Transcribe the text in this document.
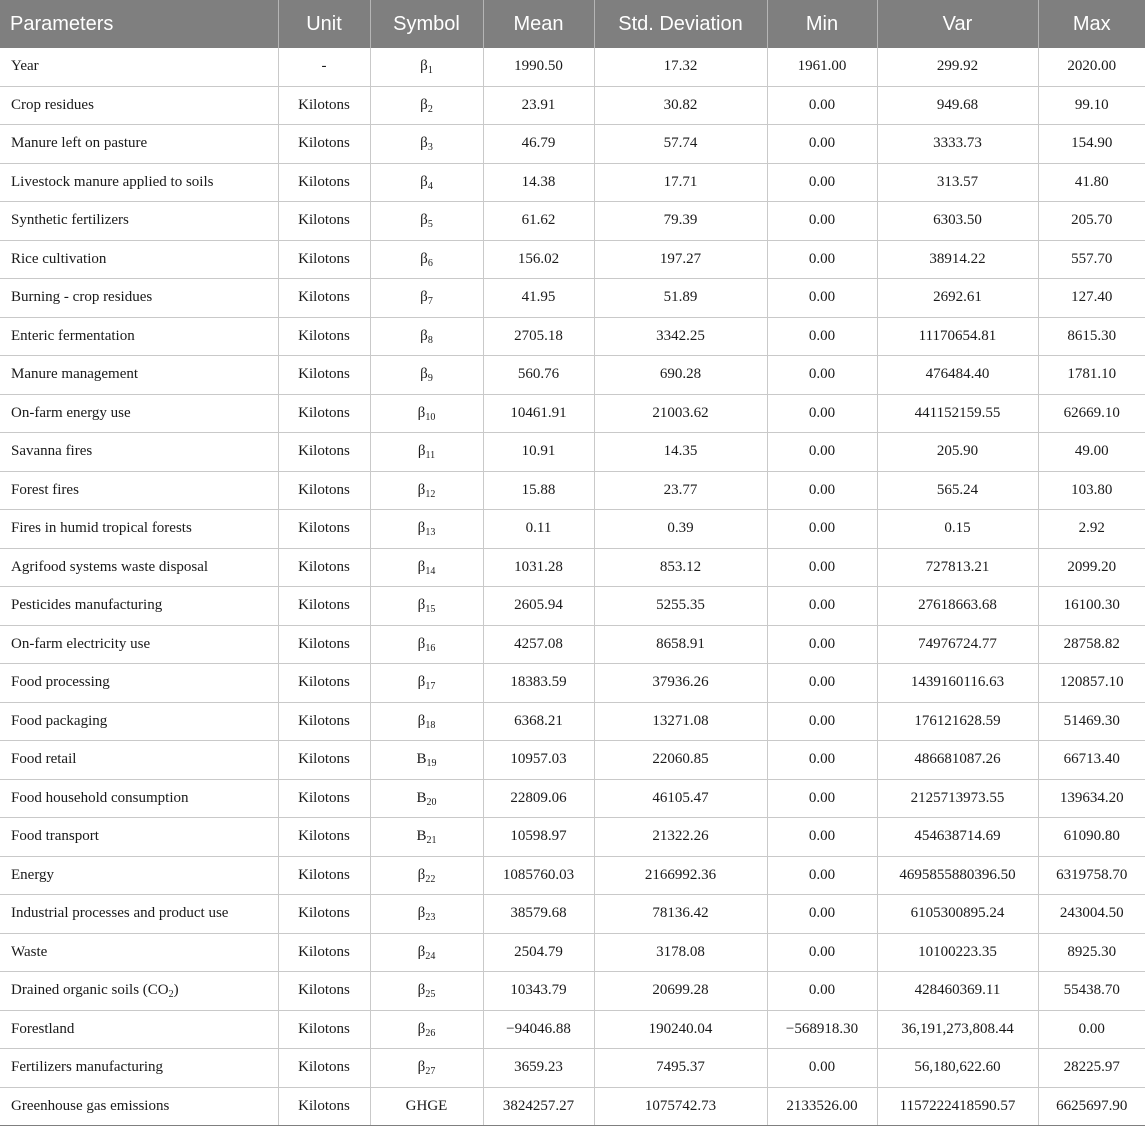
Parameters	Unit	Symbol	Mean	Std. Deviation	Min	Var	Max
Year	-	$\beta_1$	1990.50	17.32	1961.00	299.92	2020.00
Crop residues	Kilotons	$\beta_2$	23.91	30.82	0.00	949.68	99.10
Manure left on pasture	Kilotons	$\beta_3$	46.79	57.74	0.00	3333.73	154.90
Livestock manure applied to soils	Kilotons	$\beta_4$	14.38	17.71	0.00	313.57	41.80
Synthetic fertilizers	Kilotons	$\beta_5$	61.62	79.39	0.00	6303.50	205.70
Rice cultivation	Kilotons	$\beta_6$	156.02	197.27	0.00	38914.22	557.70
Burning - crop residues	Kilotons	$\beta_7$	41.95	51.89	0.00	2692.61	127.40
Enteric fermentation	Kilotons	$\beta_8$	2705.18	3342.25	0.00	11170654.81	8615.30
Manure management	Kilotons	$\beta_9$	560.76	690.28	0.00	476484.40	1781.10
On-farm energy use	Kilotons	$\beta_{10}$	10461.91	21003.62	0.00	441152159.55	62669.10
Savanna fires	Kilotons	$\beta_{11}$	10.91	14.35	0.00	205.90	49.00
Forest fires	Kilotons	$\beta_{12}$	15.88	23.77	0.00	565.24	103.80
Fires in humid tropical forests	Kilotons	$\beta_{13}$	0.11	0.39	0.00	0.15	2.92
Agrifood systems waste disposal	Kilotons	$\beta_{14}$	1031.28	853.12	0.00	727813.21	2099.20
Pesticides manufacturing	Kilotons	$\beta_{15}$	2605.94	5255.35	0.00	27618663.68	16100.30
On-farm electricity use	Kilotons	$\beta_{16}$	4257.08	8658.91	0.00	74976724.77	28758.82
Food processing	Kilotons	$\beta_{17}$	18383.59	37936.26	0.00	1439160116.63	120857.10
Food packaging	Kilotons	$\beta_{18}$	6368.21	13271.08	0.00	176121628.59	51469.30
Food retail	Kilotons	$B_{19}$	10957.03	22060.85	0.00	486681087.26	66713.40
Food household consumption	Kilotons	$B_{20}$	22809.06	46105.47	0.00	2125713973.55	139634.20
Food transport	Kilotons	$B_{21}$	10598.97	21322.26	0.00	454638714.69	61090.80
Energy	Kilotons	$\beta_{22}$	1085760.03	2166992.36	0.00	4695855880396.50	6319758.70
Industrial processes and product use	Kilotons	$\beta_{23}$	38579.68	78136.42	0.00	6105300895.24	243004.50
Waste	Kilotons	$\beta_{24}$	2504.79	3178.08	0.00	10100223.35	8925.30
Drained organic soils $(CO_2)$	Kilotons	$\beta_{25}$	10343.79	20699.28	0.00	428460369.11	55438.70
Forestland	Kilotons	$\beta_{26}$	−94046.88	190240.04	−568918.30	36,191,273,808.44	0.00
Fertilizers manufacturing	Kilotons	$\beta_{27}$	3659.23	7495.37	0.00	56,180,622.60	28225.97
Greenhouse gas emissions	Kilotons	GHGE	3824257.27	1075742.73	2133526.00	1157222418590.57	6625697.90
